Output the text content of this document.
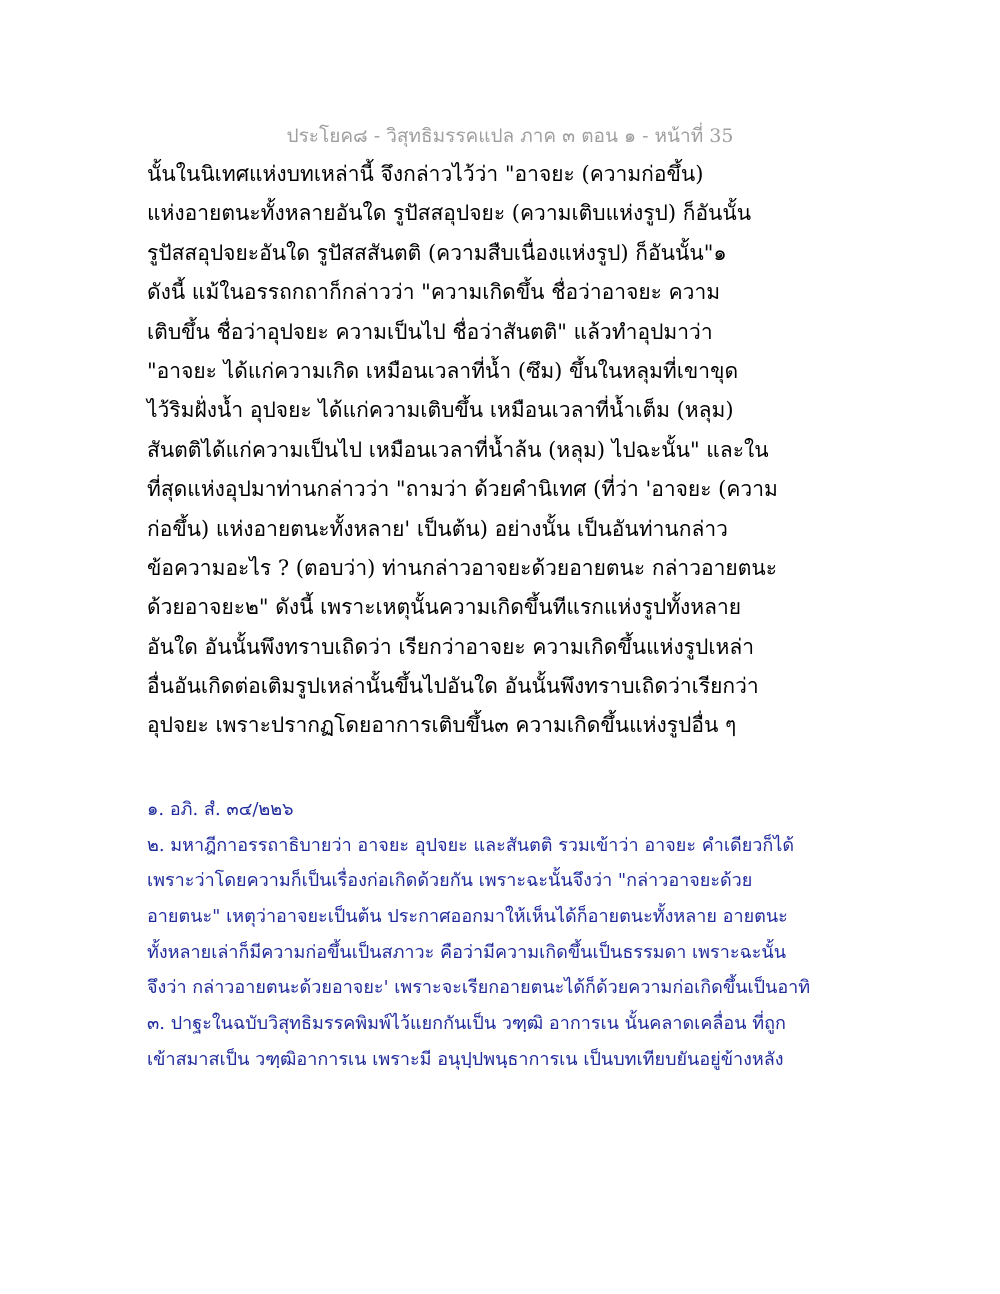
ประโยค๘ - วิสุทธิมรรคแปล ภาค ๓ ตอน ๑ - หน้าที่ 35
นั้นในนิเทศแห่งบทเหล่านี้ จึงกล่าวไว้ว่า "อาจยะ (ความก่อขึ้น)
แห่งอายตนะทั้งหลายอันใด รูปัสสอุปจยะ (ความเติบแห่งรูป) ก็อันนั้น
รูปัสสอุปจยะอันใด รูปัสสสันตติ (ความสืบเนื่องแห่งรูป) ก็อันนั้น"๑
ดังนี้ แม้ในอรรถกถาก็กล่าวว่า "ความเกิดขึ้น ชื่อว่าอาจยะ ความ
เติบขึ้น ชื่อว่าอุปจยะ ความเป็นไป ชื่อว่าสันตติ" แล้วทำอุปมาว่า
"อาจยะ ได้แก่ความเกิด เหมือนเวลาที่น้ำ (ซึม) ขึ้นในหลุมที่เขาขุด
ไว้ริมฝั่งน้ำ อุปจยะ ได้แก่ความเติบขึ้น เหมือนเวลาที่น้ำเต็ม (หลุม)
สันตติได้แก่ความเป็นไป เหมือนเวลาที่น้ำล้น (หลุม) ไปฉะนั้น" และใน
ที่สุดแห่งอุปมาท่านกล่าวว่า "ถามว่า ด้วยคำนิเทศ (ที่ว่า 'อาจยะ (ความ
ก่อขึ้น) แห่งอายตนะทั้งหลาย' เป็นต้น) อย่างนั้น เป็นอันท่านกล่าว
ข้อความอะไร ? (ตอบว่า) ท่านกล่าวอาจยะด้วยอายตนะ กล่าวอายตนะ
ด้วยอาจยะ๒" ดังนี้ เพราะเหตุนั้นความเกิดขึ้นทีแรกแห่งรูปทั้งหลาย
อันใด อันนั้นพึงทราบเถิดว่า เรียกว่าอาจยะ ความเกิดขึ้นแห่งรูปเหล่า
อื่นอันเกิดต่อเติมรูปเหล่านั้นขึ้นไปอันใด อันนั้นพึงทราบเถิดว่าเรียกว่า
อุปจยะ เพราะปรากฏโดยอาการเติบขึ้น๓ ความเกิดขึ้นแห่งรูปอื่น ๆ
๑. อภิ. สํ. ๓๔/๒๒๖
๒. มหาฎีกาอรรถาธิบายว่า อาจยะ อุปจยะ และสันตติ รวมเข้าว่า อาจยะ คำเดียวก็ได้
เพราะว่าโดยความก็เป็นเรื่องก่อเกิดด้วยกัน เพราะฉะนั้นจึงว่า "กล่าวอาจยะด้วย
อายตนะ" เหตุว่าอาจยะเป็นต้น ประกาศออกมาให้เห็นได้ก็อายตนะทั้งหลาย อายตนะ
ทั้งหลายเล่าก็มีความก่อขึ้นเป็นสภาวะ คือว่ามีความเกิดขึ้นเป็นธรรมดา เพราะฉะนั้น
จึงว่า กล่าวอายตนะด้วยอาจยะ' เพราะจะเรียกอายตนะได้ก็ด้วยความก่อเกิดขึ้นเป็นอาทิ
๓. ปาฐะในฉบับวิสุทธิมรรคพิมพ์ไว้แยกกันเป็น วฑฺฒิ อาการเน นั้นคลาดเคลื่อน ที่ถูก
เข้าสมาสเป็น วฑฺฒิอาการเน เพราะมี อนุปฺปพนฺธาการเน เป็นบทเทียบยันอยู่ข้างหลัง
